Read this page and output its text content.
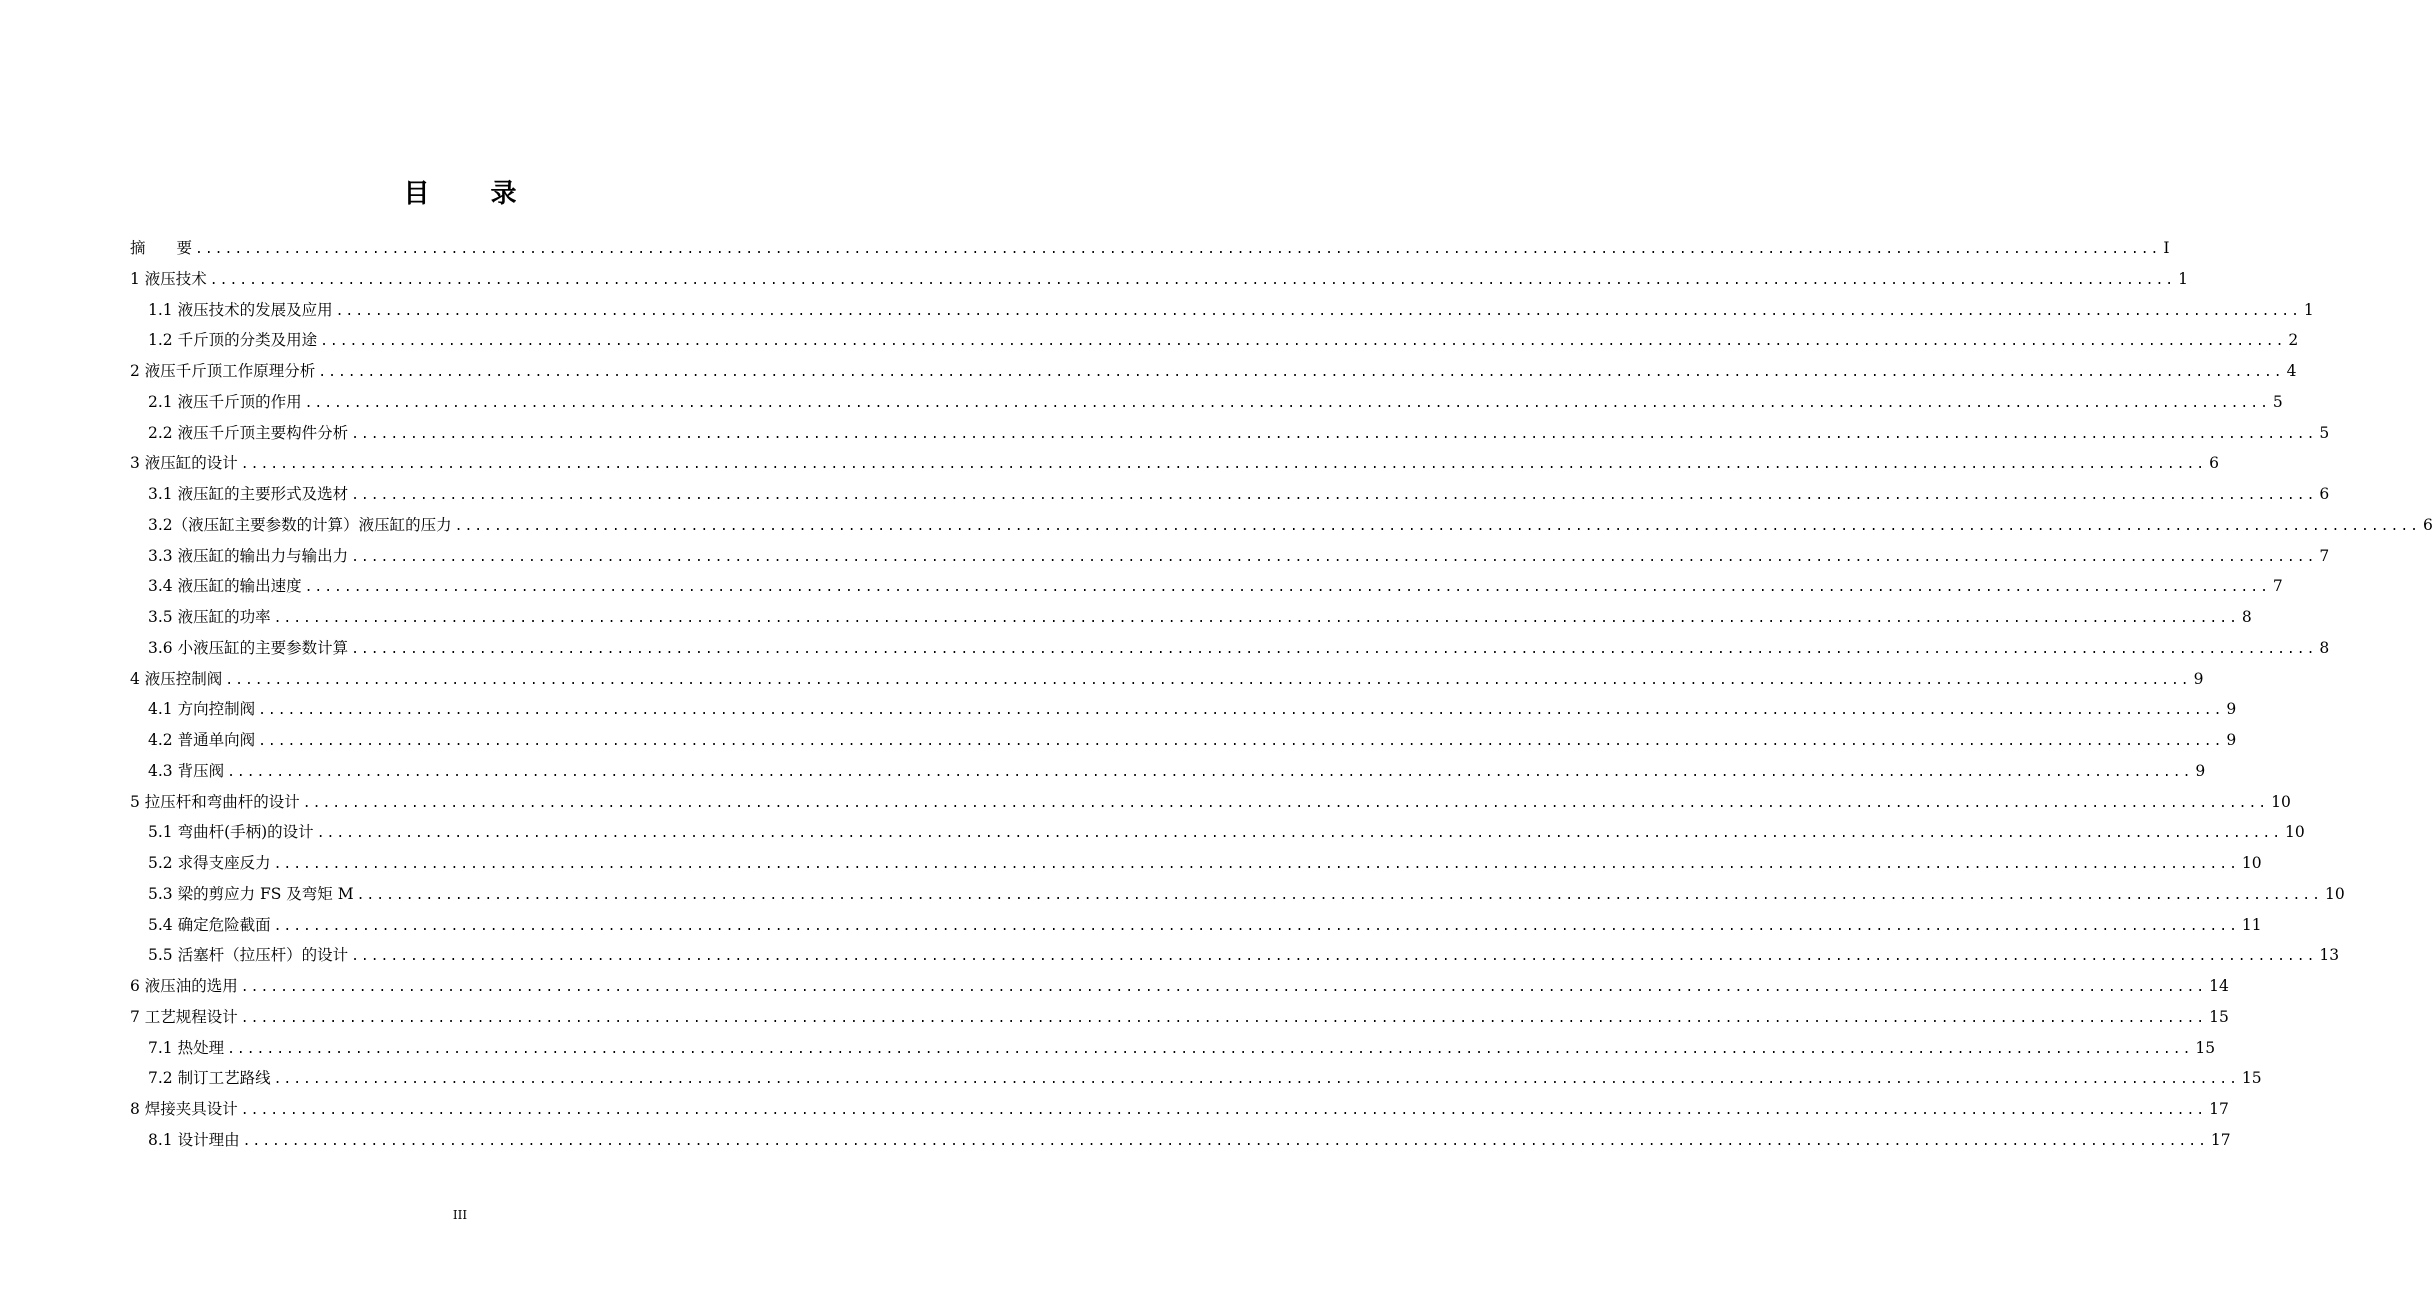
目 录
摘　　要 ........................................................................................................................................................................................................ I
1 液压技术 ........................................................................................................................................................................................................ 1
1.1 液压技术的发展及应用 ........................................................................................................................................................................................................ 1
1.2 千斤顶的分类及用途 ........................................................................................................................................................................................................ 2
2 液压千斤顶工作原理分析 ........................................................................................................................................................................................................ 4
2.1 液压千斤顶的作用 ........................................................................................................................................................................................................ 5
2.2 液压千斤顶主要构件分析 ........................................................................................................................................................................................................ 5
3 液压缸的设计 ........................................................................................................................................................................................................ 6
3.1 液压缸的主要形式及选材 ........................................................................................................................................................................................................ 6
3.2（液压缸主要参数的计算）液压缸的压力 ........................................................................................................................................................................................................ 6
3.3 液压缸的输出力与输出力 ........................................................................................................................................................................................................ 7
3.4 液压缸的输出速度 ........................................................................................................................................................................................................ 7
3.5 液压缸的功率 ........................................................................................................................................................................................................ 8
3.6 小液压缸的主要参数计算 ........................................................................................................................................................................................................ 8
4 液压控制阀 ........................................................................................................................................................................................................ 9
4.1 方向控制阀 ........................................................................................................................................................................................................ 9
4.2 普通单向阀 ........................................................................................................................................................................................................ 9
4.3 背压阀 ........................................................................................................................................................................................................ 9
5 拉压杆和弯曲杆的设计 ........................................................................................................................................................................................................ 10
5.1 弯曲杆(手柄)的设计 ........................................................................................................................................................................................................ 10
5.2 求得支座反力 ........................................................................................................................................................................................................ 10
5.3 梁的剪应力 FS 及弯矩 M ........................................................................................................................................................................................................ 10
5.4 确定危险截面 ........................................................................................................................................................................................................ 11
5.5 活塞杆（拉压杆）的设计 ........................................................................................................................................................................................................ 13
6 液压油的选用 ........................................................................................................................................................................................................ 14
7 工艺规程设计 ........................................................................................................................................................................................................ 15
7.1 热处理 ........................................................................................................................................................................................................ 15
7.2 制订工艺路线 ........................................................................................................................................................................................................ 15
8 焊接夹具设计 ........................................................................................................................................................................................................ 17
8.1 设计理由 ........................................................................................................................................................................................................ 17
III
